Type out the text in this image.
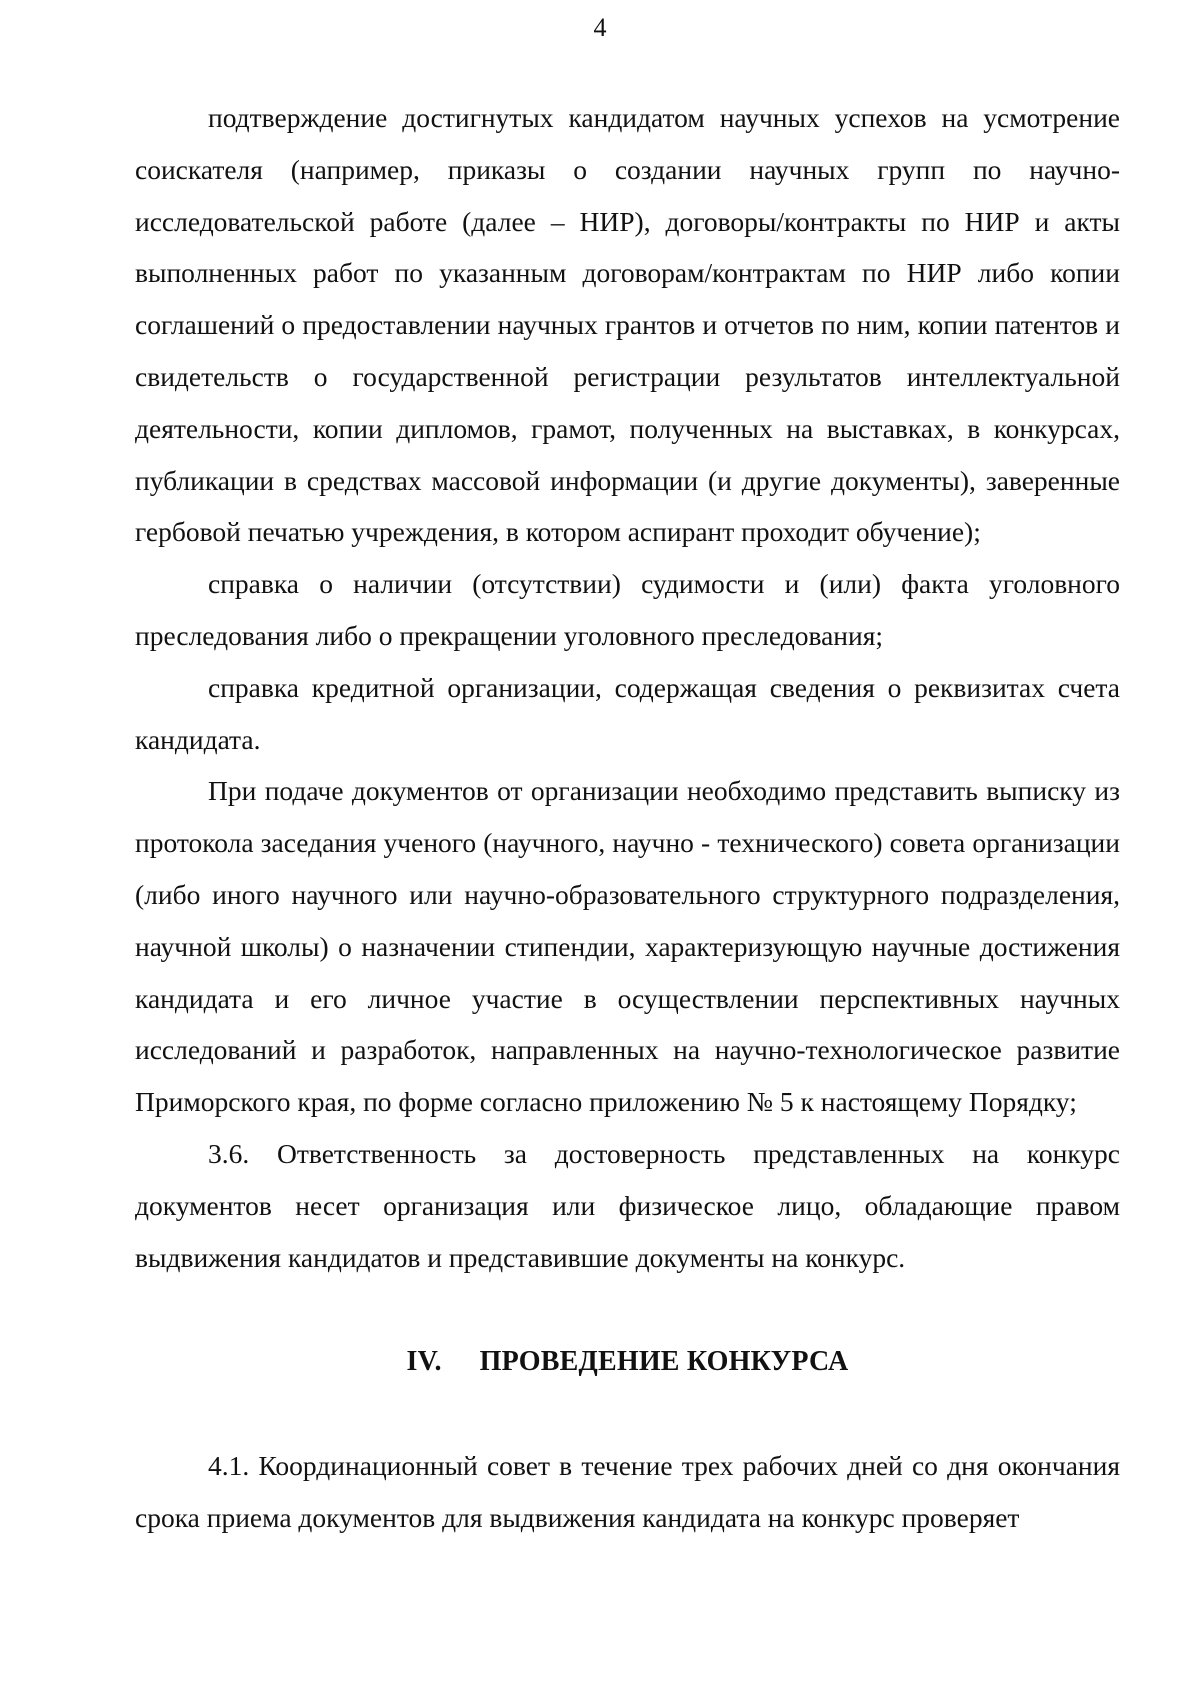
4

подтверждение достигнутых кандидатом научных успехов на усмотрение соискателя (например, приказы о создании научных групп по научно-исследовательской работе (далее – НИР), договоры/контракты по НИР и акты выполненных работ по указанным договорам/контрактам по НИР либо копии соглашений о предоставлении научных грантов и отчетов по ним, копии патентов и свидетельств о государственной регистрации результатов интеллектуальной деятельности, копии дипломов, грамот, полученных на выставках, в конкурсах, публикации в средствах массовой информации (и другие документы), заверенные гербовой печатью учреждения, в котором аспирант проходит обучение);

справка о наличии (отсутствии) судимости и (или) факта уголовного преследования либо о прекращении уголовного преследования;

справка кредитной организации, содержащая сведения о реквизитах счета кандидата.

При подаче документов от организации необходимо представить выписку из протокола заседания ученого (научного, научно - технического) совета организации (либо иного научного или научно-образовательного структурного подразделения, научной школы) о назначении стипендии, характеризующую научные достижения кандидата и его личное участие в осуществлении перспективных научных исследований и разработок, направленных на научно-технологическое развитие Приморского края, по форме согласно приложению № 5 к настоящему Порядку;

3.6. Ответственность за достоверность представленных на конкурс документов несет организация или физическое лицо, обладающие правом выдвижения кандидатов и представившие документы на конкурс.

IV. ПРОВЕДЕНИЕ КОНКУРСА

4.1. Координационный совет в течение трех рабочих дней со дня окончания срока приема документов для выдвижения кандидата на конкурс проверяет
